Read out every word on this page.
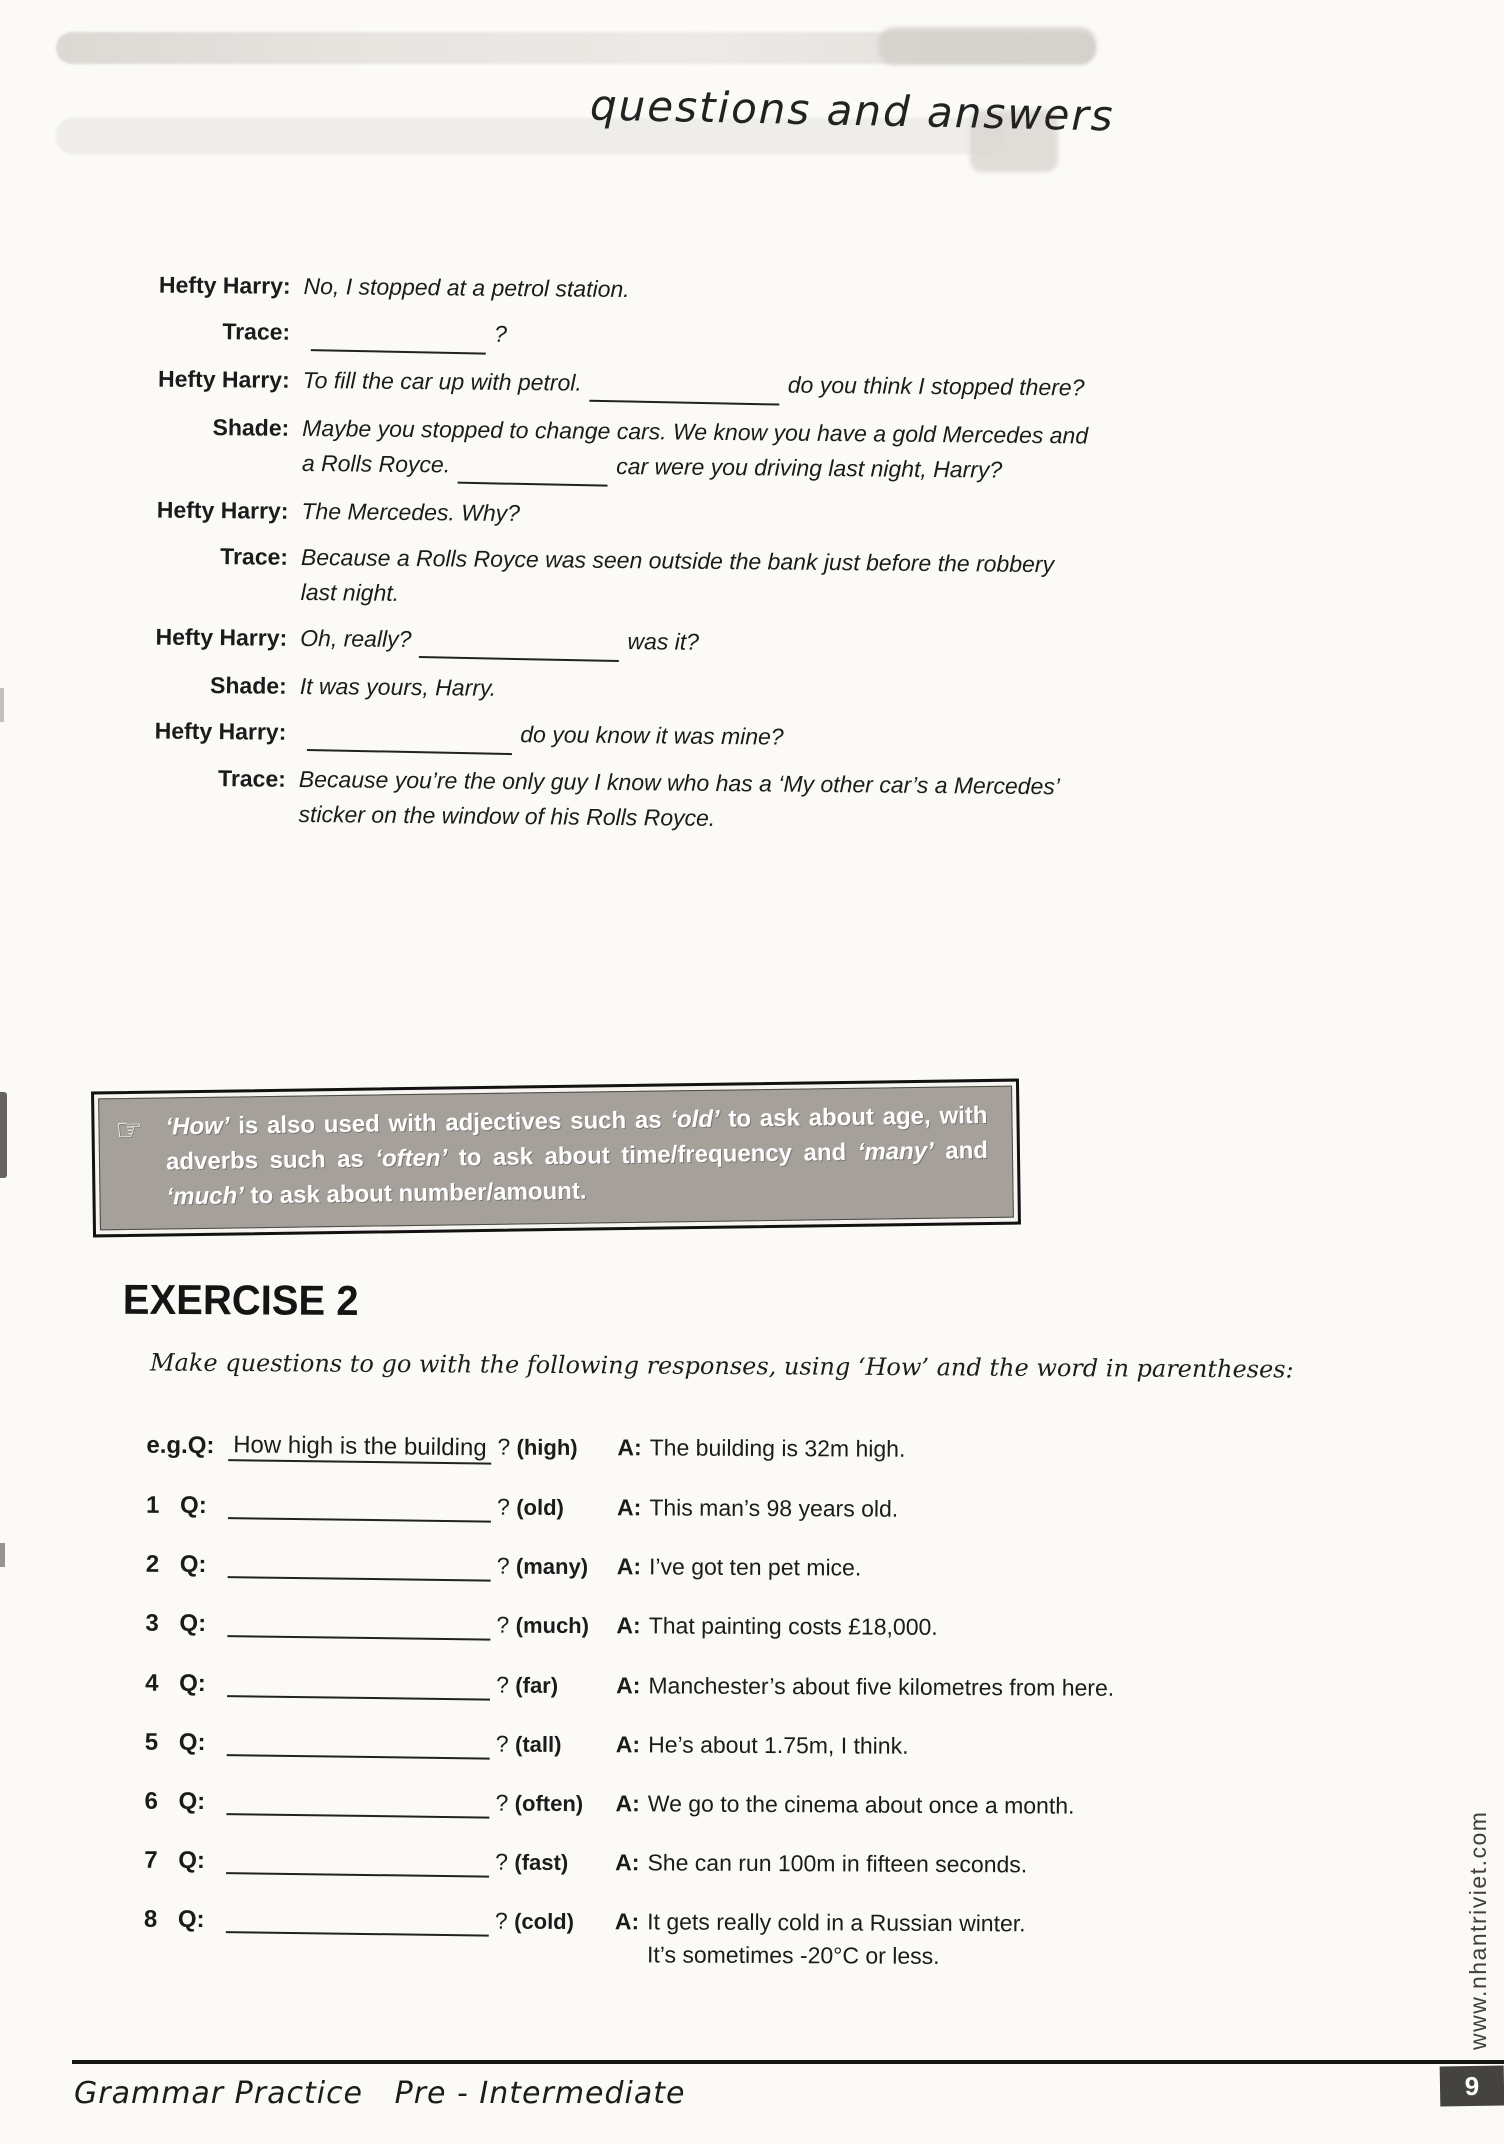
questions and answers
Hefty Harry: No, I stopped at a petrol station.
Trace:	?
Hefty Harry: To fill the car up with petrol.	do you think I stopped there?
Shade: Maybe you stopped to change cars. We know you have a gold Mercedes and a Rolls Royce.	car were you driving last night, Harry?
Hefty Harry: The Mercedes. Why?
Trace: Because a Rolls Royce was seen outside the bank just before the robbery last night.
Hefty Harry: Oh, really?	was it?
Shade: It was yours, Harry.
Hefty Harry:	do you know it was mine?
Trace: Because you’re the only guy I know who has a ‘My other car’s a Mercedes’ sticker on the window of his Rolls Royce.
☞ ‘How’ is also used with adjectives such as ‘old’ to ask about age, with adverbs such as ‘often’ to ask about time/frequency and ‘many’ and ‘much’ to ask about number/amount.
EXERCISE 2
Make questions to go with the following responses, using ‘How’ and the word in parentheses:
e.g.Q: How high is the building ? (high)	A: The building is 32m high.
1 Q:	? (old)	A: This man’s 98 years old.
2 Q:	? (many)	A: I’ve got ten pet mice.
3 Q:	? (much)	A: That painting costs £18,000.
4 Q:	? (far)	A: Manchester’s about five kilometres from here.
5 Q:	? (tall)	A: He’s about 1.75m, I think.
6 Q:	? (often)	A: We go to the cinema about once a month.
7 Q:	? (fast)	A: She can run 100m in fifteen seconds.
8 Q:	? (cold)	A: It gets really cold in a Russian winter.
It’s sometimes -20°C or less.
Grammar Practice   Pre - Intermediate	9
www.nhantriviet.com
